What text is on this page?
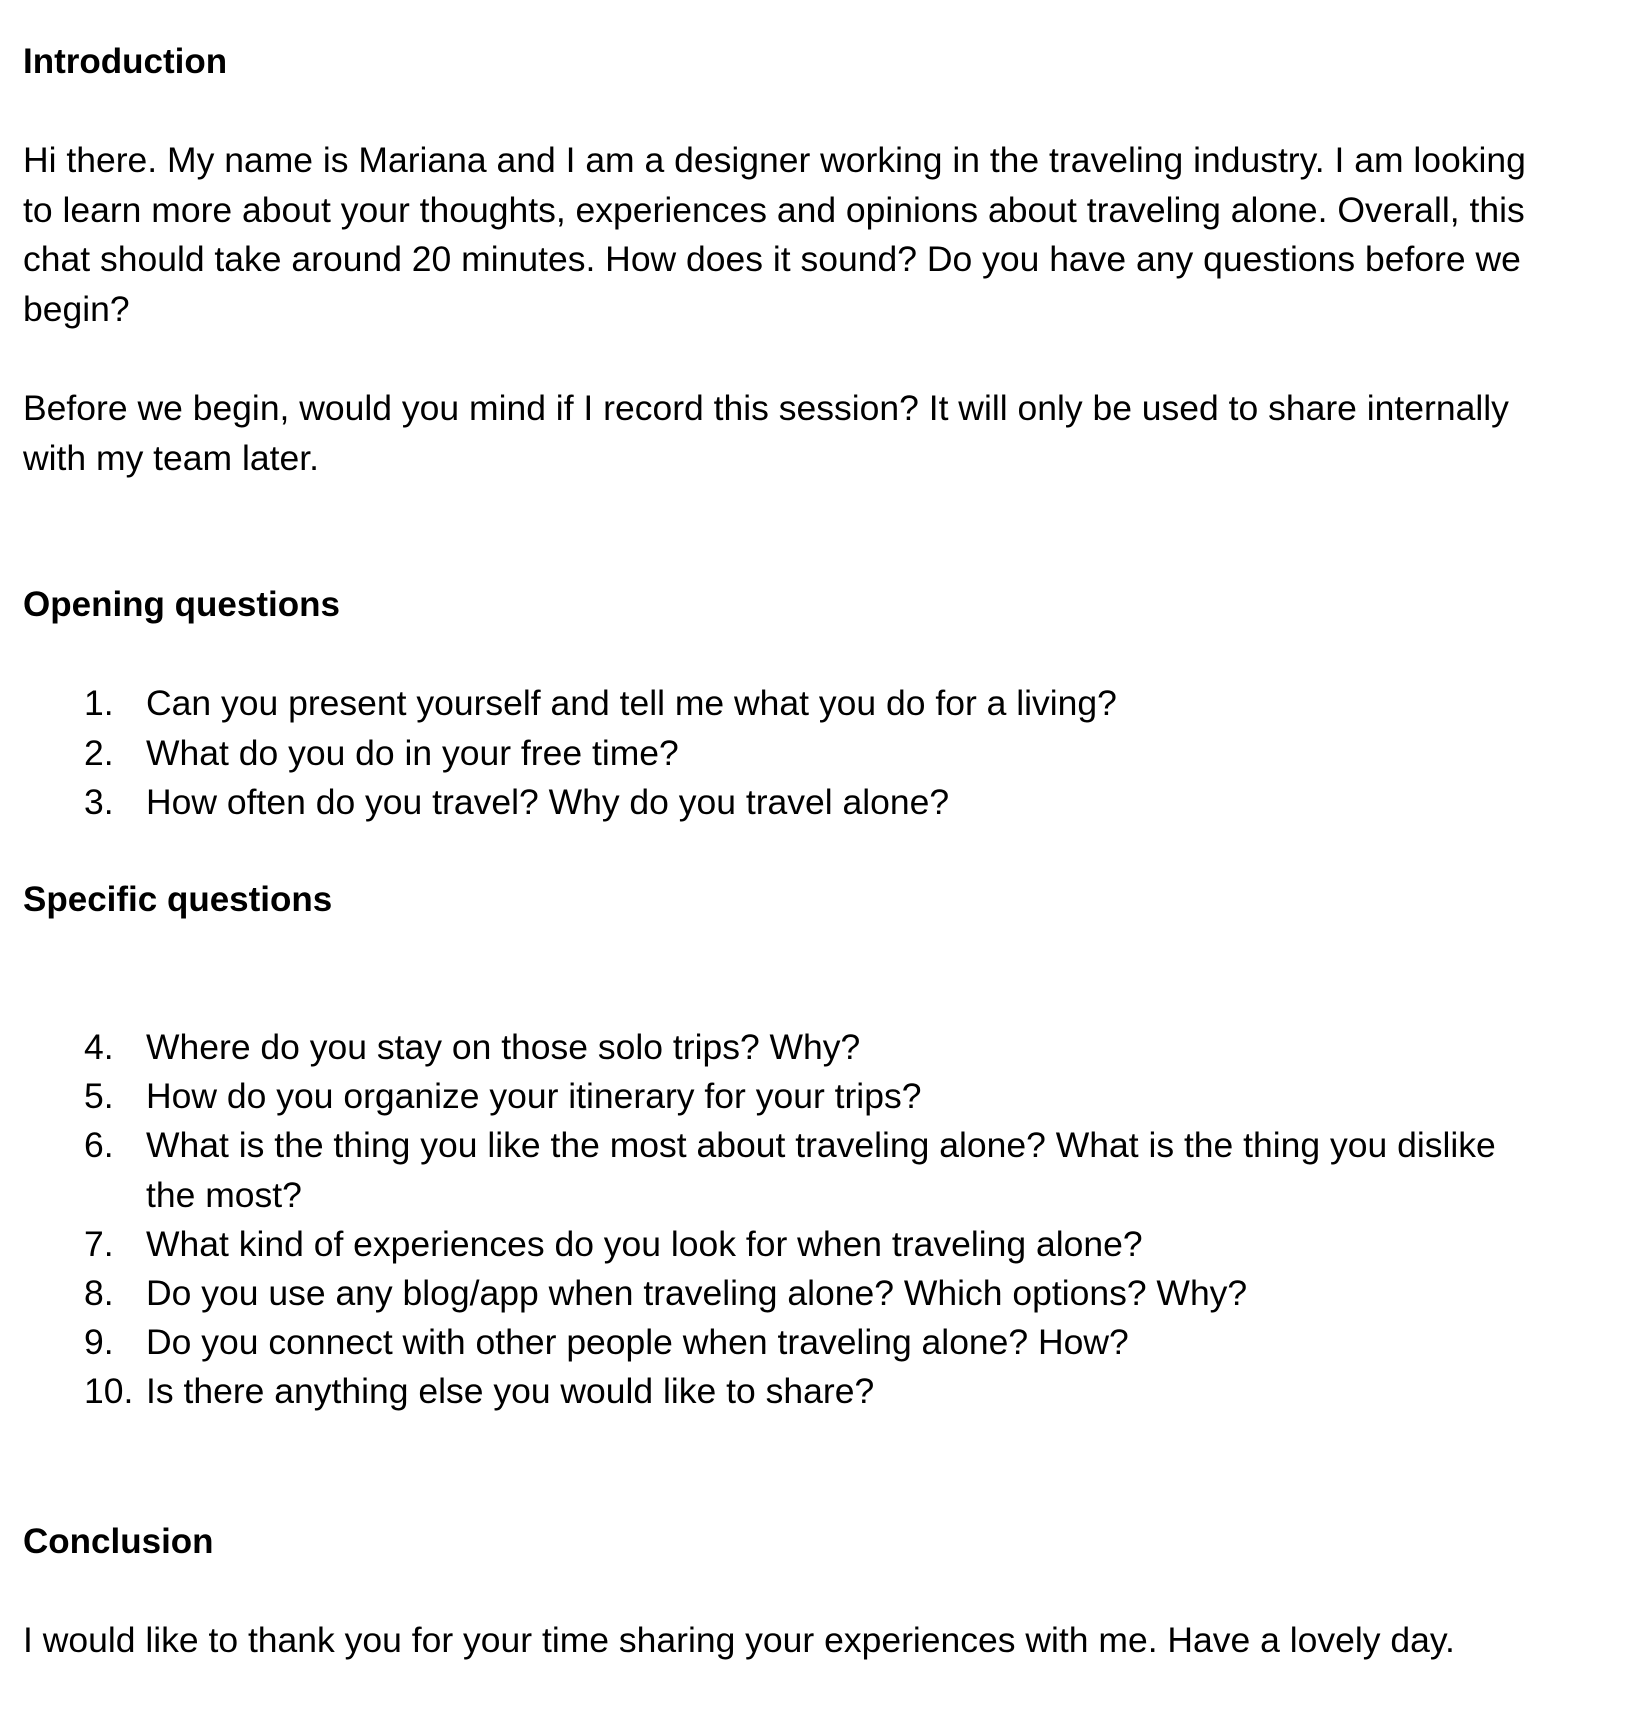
Introduction
Hi there. My name is Mariana and I am a designer working in the traveling industry. I am looking
to learn more about your thoughts, experiences and opinions about traveling alone. Overall, this
chat should take around 20 minutes. How does it sound? Do you have any questions before we
begin?
Before we begin, would you mind if I record this session? It will only be used to share internally
with my team later.
Opening questions
1. Can you present yourself and tell me what you do for a living?
2. What do you do in your free time?
3. How often do you travel? Why do you travel alone?
Specific questions
4. Where do you stay on those solo trips? Why?
5. How do you organize your itinerary for your trips?
6. What is the thing you like the most about traveling alone? What is the thing you dislike
the most?
7. What kind of experiences do you look for when traveling alone?
8. Do you use any blog/app when traveling alone? Which options? Why?
9. Do you connect with other people when traveling alone? How?
10. Is there anything else you would like to share?
Conclusion
I would like to thank you for your time sharing your experiences with me. Have a lovely day.
